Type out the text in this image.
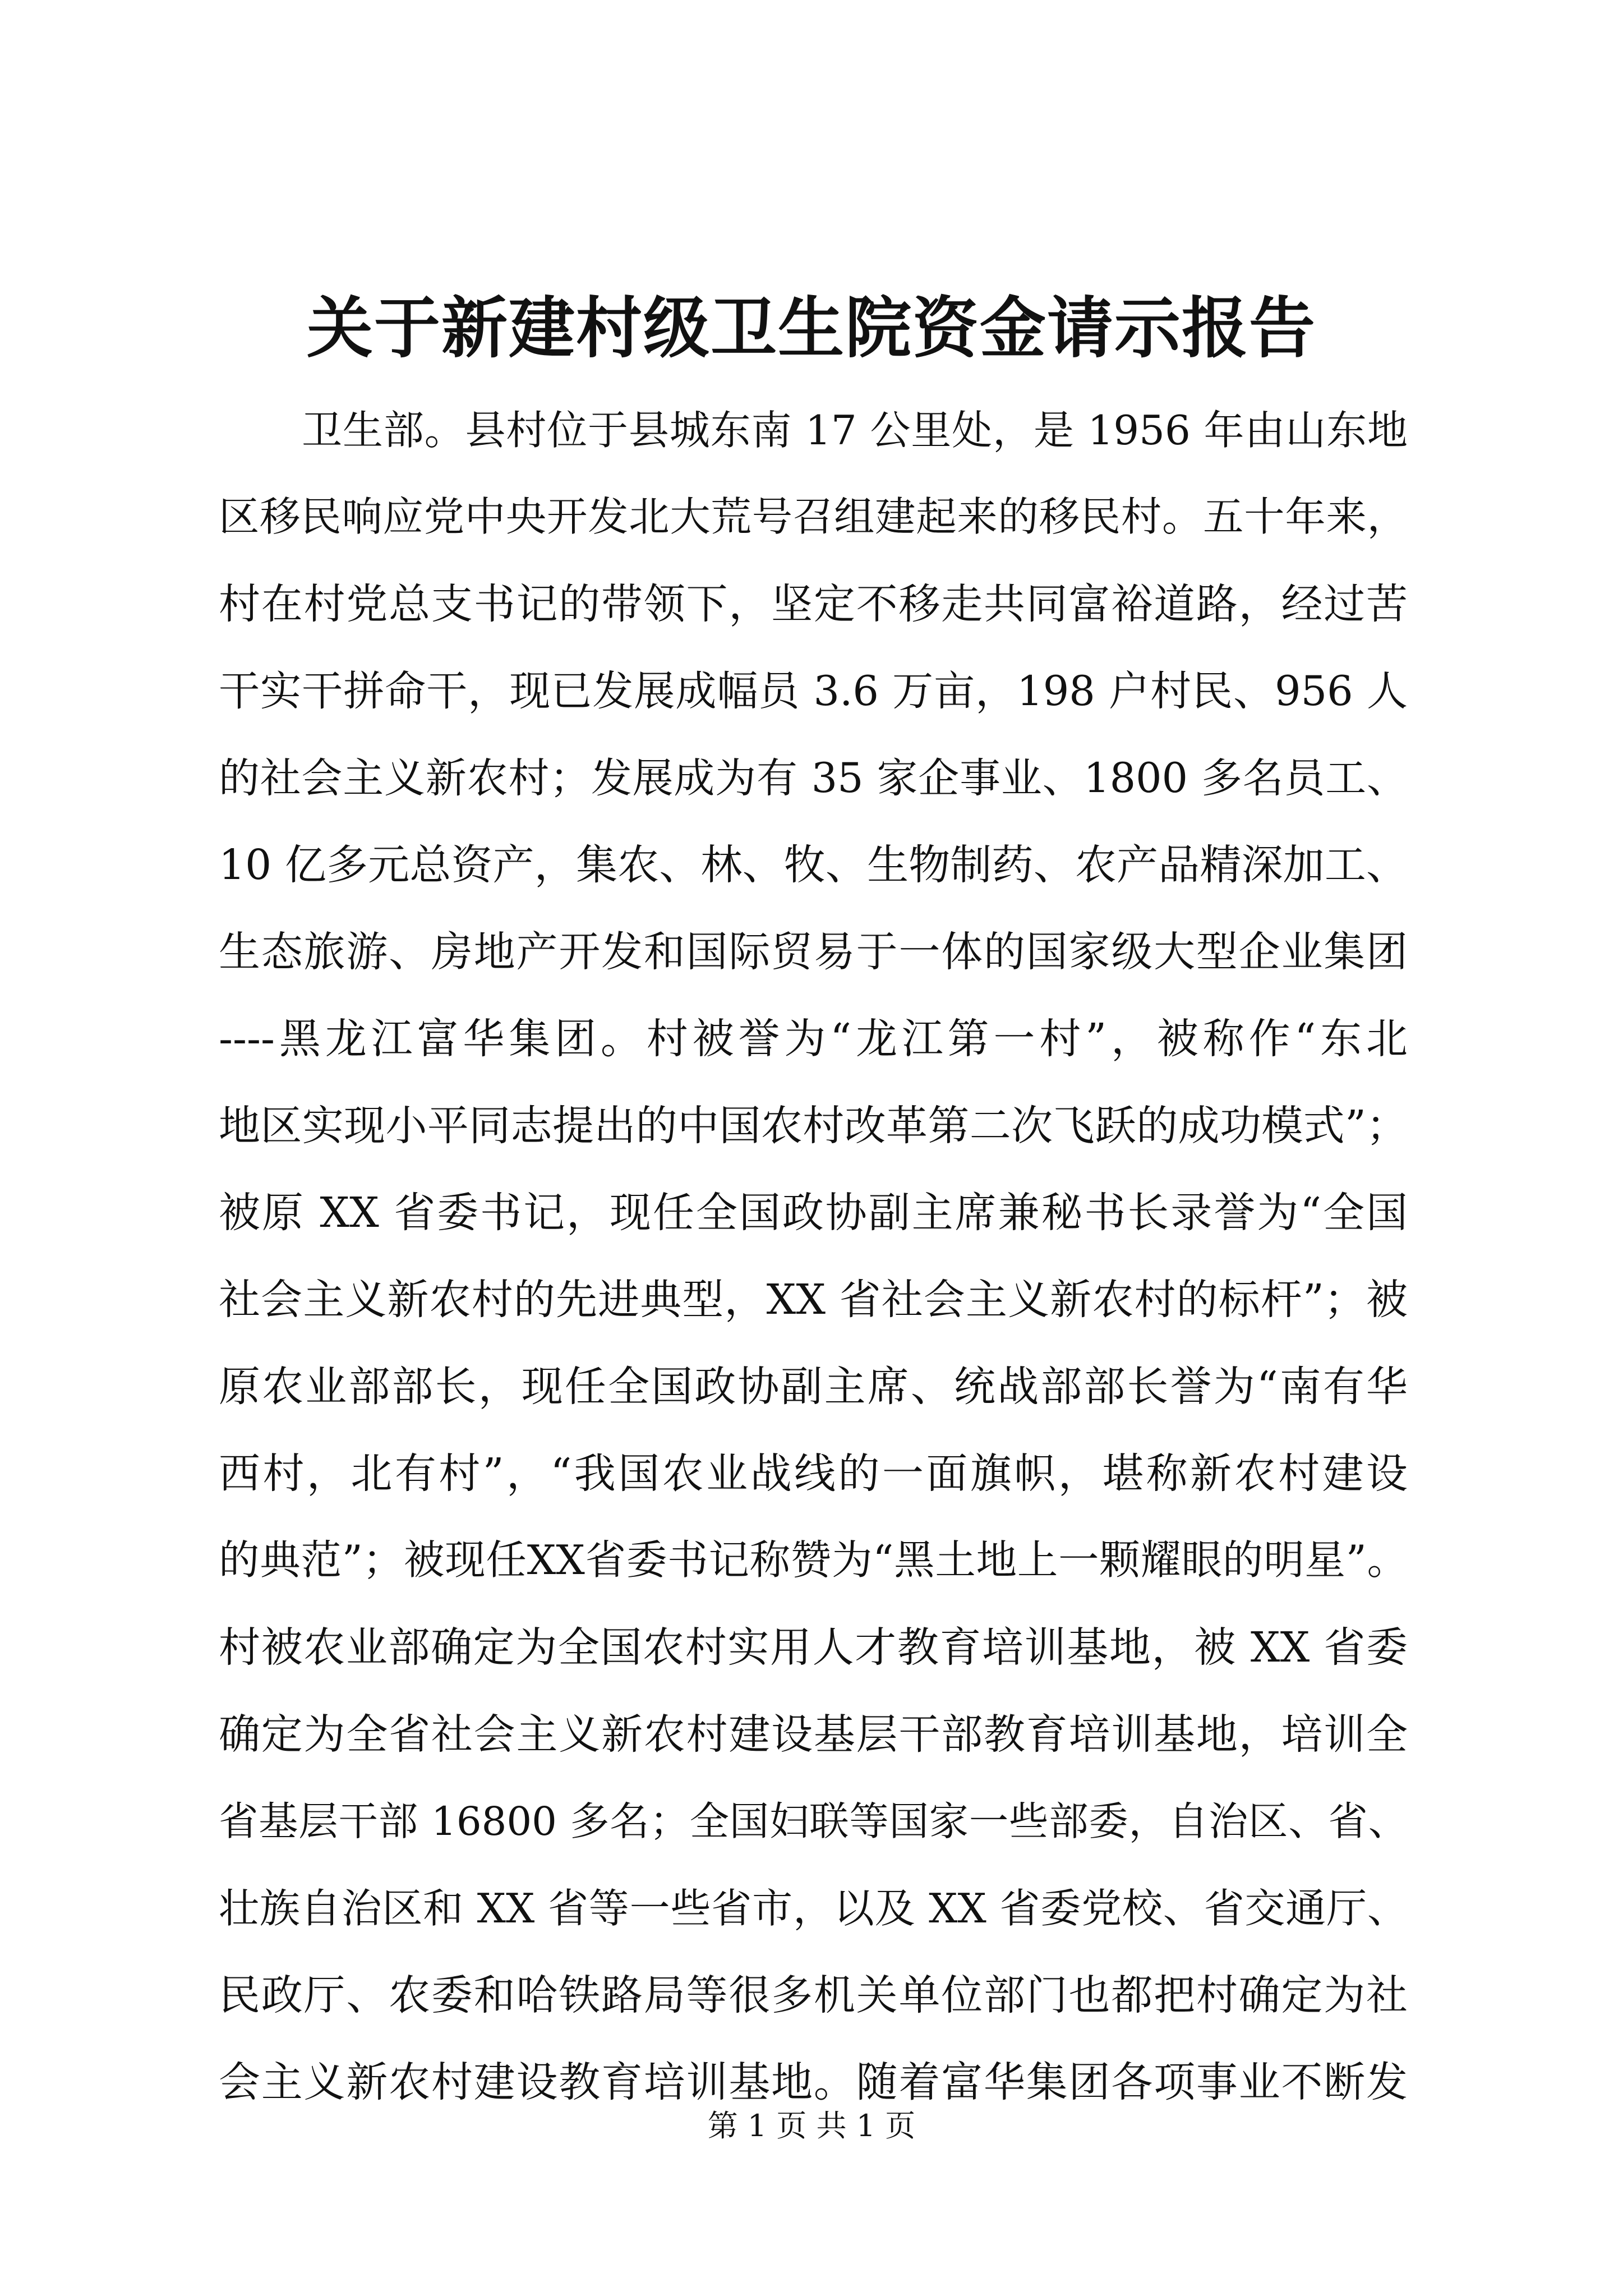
关于新建村级卫生院资金请示报告
卫生部。县村位于县城东南 17 公里处，是 1956 年由山东地
区移民响应党中央开发北大荒号召组建起来的移民村。五十年来，
村在村党总支书记的带领下，坚定不移走共同富裕道路，经过苦
干实干拼命干，现已发展成幅员 3.6 万亩，198 户村民、956 人
的社会主义新农村；发展成为有 35 家企事业、1800 多名员工、
10 亿多元总资产，集农、林、牧、生物制药、农产品精深加工、
生态旅游、房地产开发和国际贸易于一体的国家级大型企业集团
----黑龙江富华集团。村被誉为“龙江第一村”，被称作“东北
地区实现小平同志提出的中国农村改革第二次飞跃的成功模式”；
被原 XX 省委书记，现任全国政协副主席兼秘书长录誉为“全国
社会主义新农村的先进典型，XX 省社会主义新农村的标杆”；被
原农业部部长，现任全国政协副主席、统战部部长誉为“南有华
西村，北有村”，“我国农业战线的一面旗帜，堪称新农村建设
的典范”；被现任XX省委书记称赞为“黑土地上一颗耀眼的明星”。
村被农业部确定为全国农村实用人才教育培训基地，被 XX 省委
确定为全省社会主义新农村建设基层干部教育培训基地，培训全
省基层干部 16800 多名；全国妇联等国家一些部委，自治区、省、
壮族自治区和 XX 省等一些省市，以及 XX 省委党校、省交通厅、
民政厅、农委和哈铁路局等很多机关单位部门也都把村确定为社
会主义新农村建设教育培训基地。随着富华集团各项事业不断发
第 1 页 共 1 页
